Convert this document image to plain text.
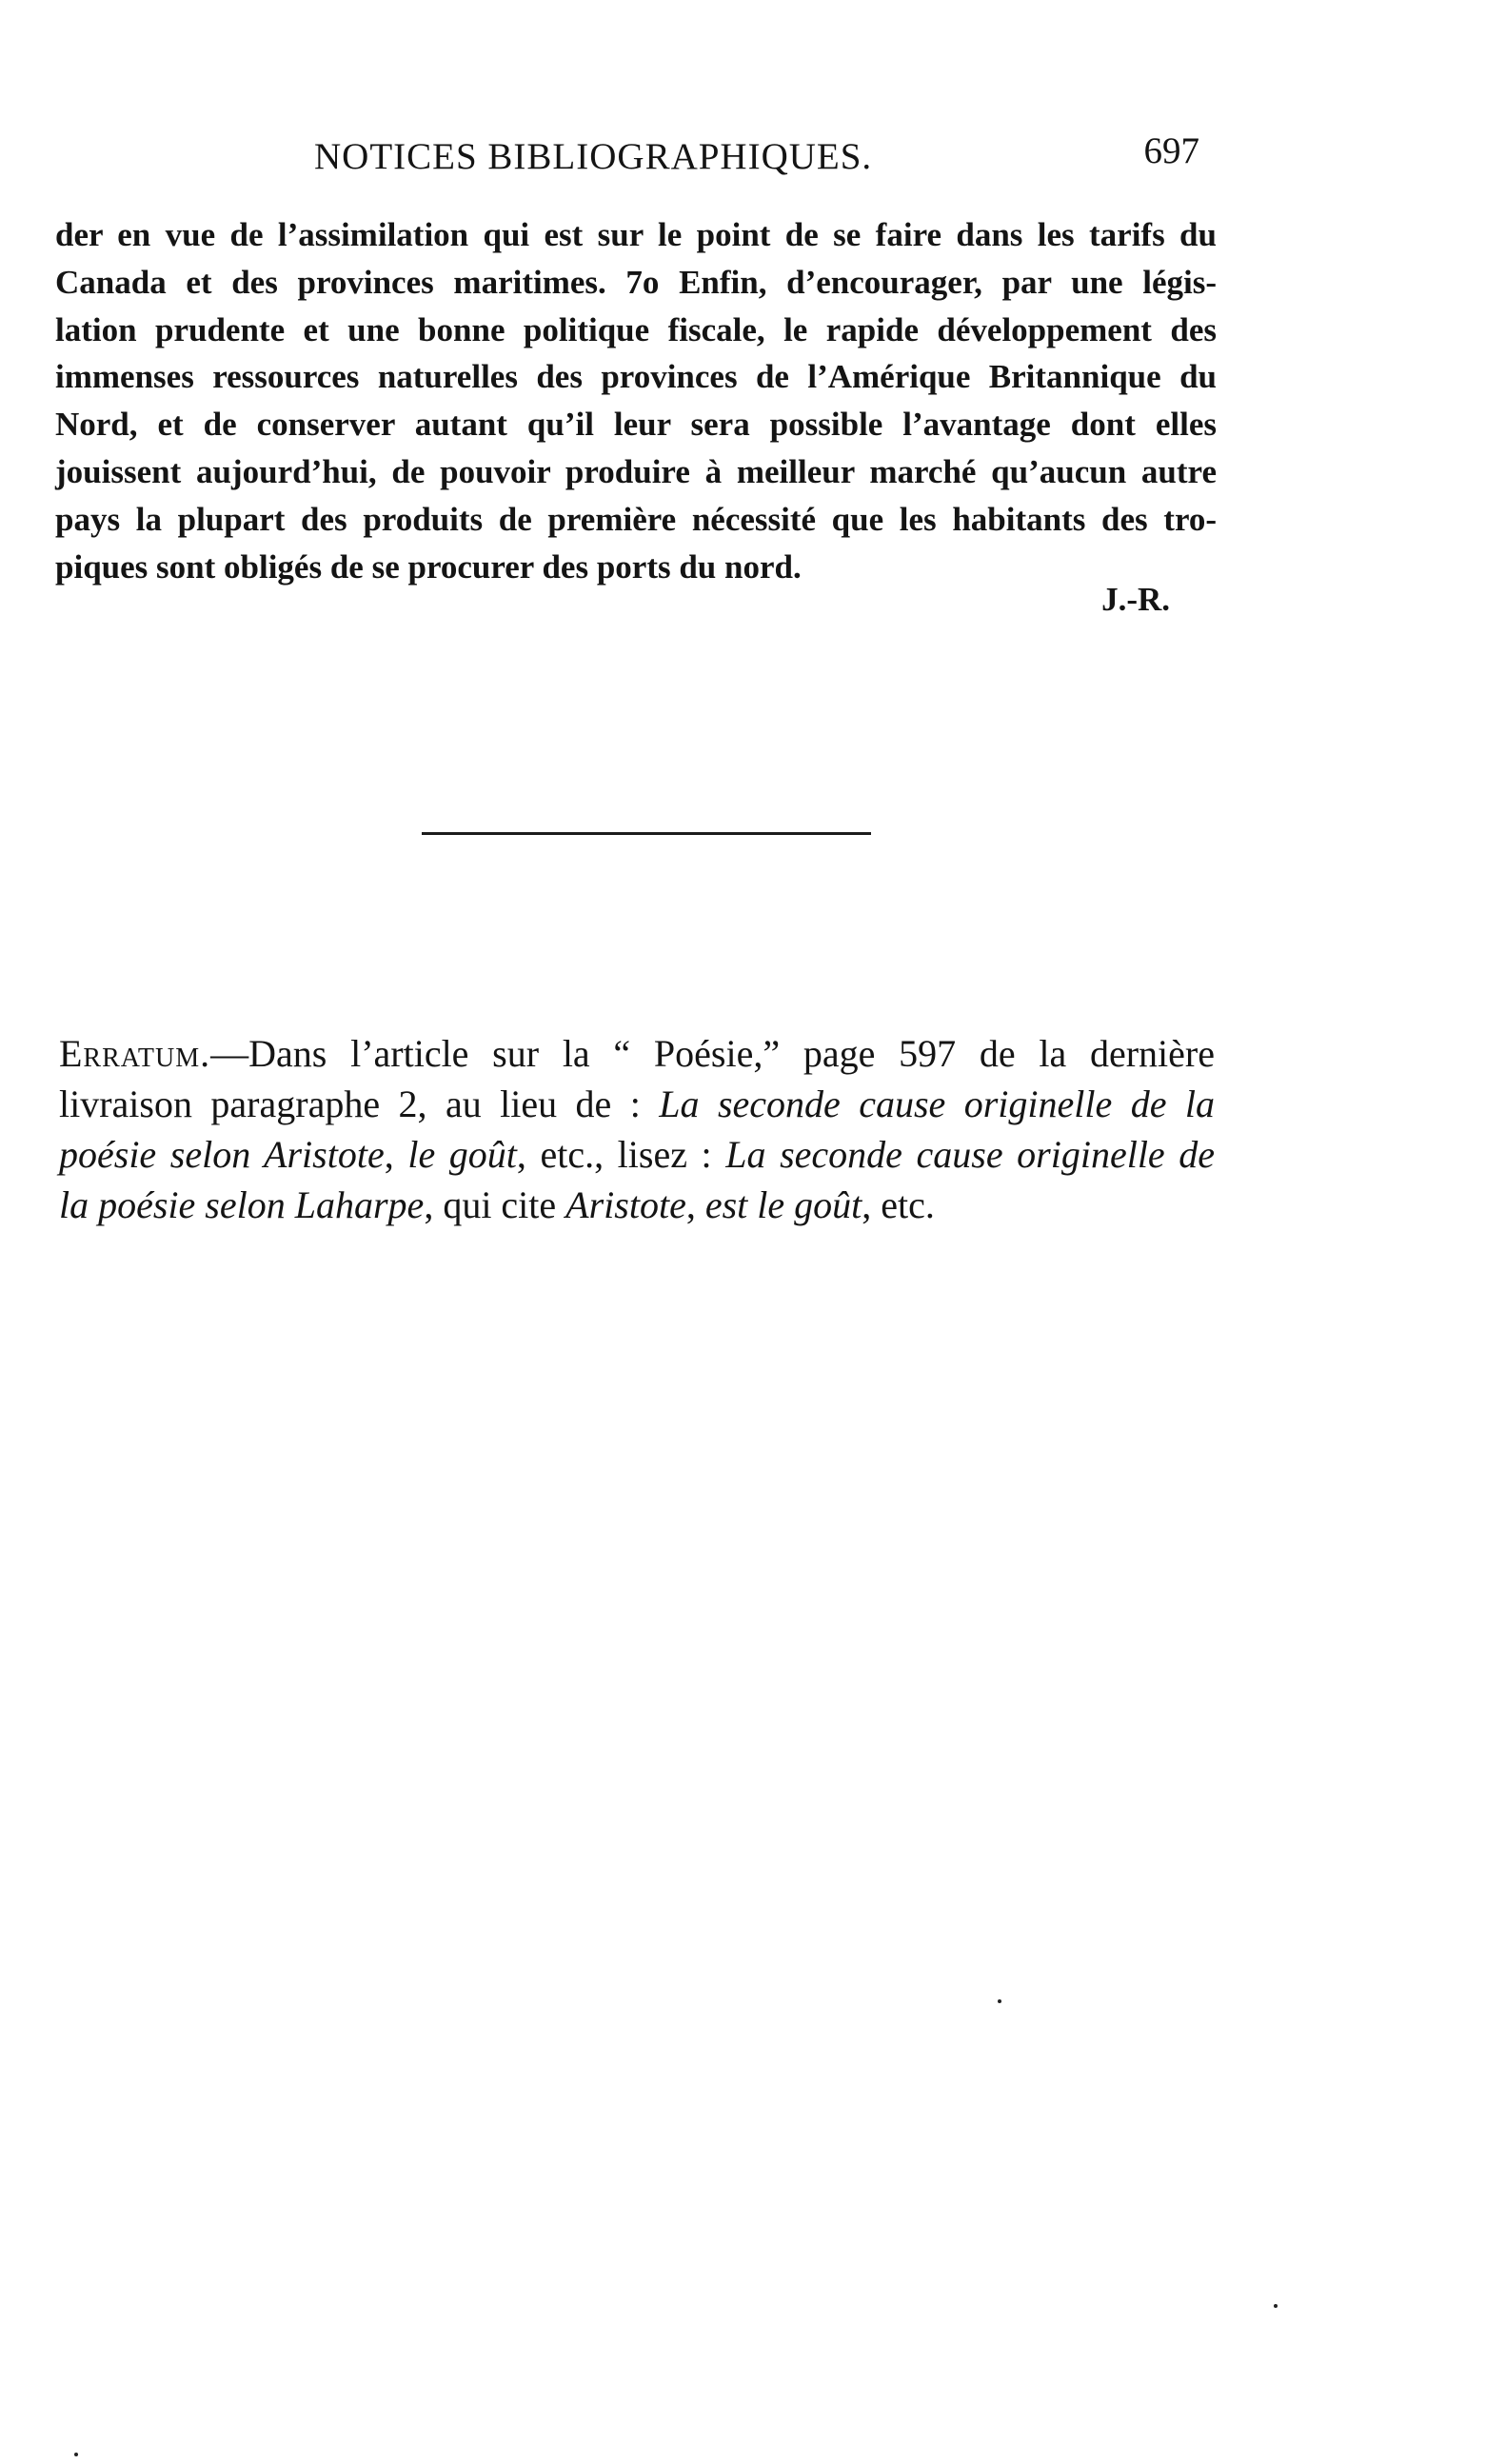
NOTICES BIBLIOGRAPHIQUES.	697
der en vue de l’assimilation qui est sur le point de se faire dans les tarifs du
Canada et des provinces maritimes. 7o Enfin, d’encourager, par une légis-
lation prudente et une bonne politique fiscale, le rapide développement des
immenses ressources naturelles des provinces de l’Amérique Britannique du
Nord, et de conserver autant qu’il leur sera possible l’avantage dont elles
jouissent aujourd’hui, de pouvoir produire à meilleur marché qu’aucun autre
pays la plupart des produits de première nécessité que les habitants des tro-
piques sont obligés de se procurer des ports du nord.
J.-R.
Erratum.—Dans l’article sur la “ Poésie,” page 597 de la dernière
livraison paragraphe 2, au lieu de : La seconde cause originelle de la
poésie selon Aristote, le goût, etc., lisez : La seconde cause originelle de
la poésie selon Laharpe, qui cite Aristote, est le goût, etc.
